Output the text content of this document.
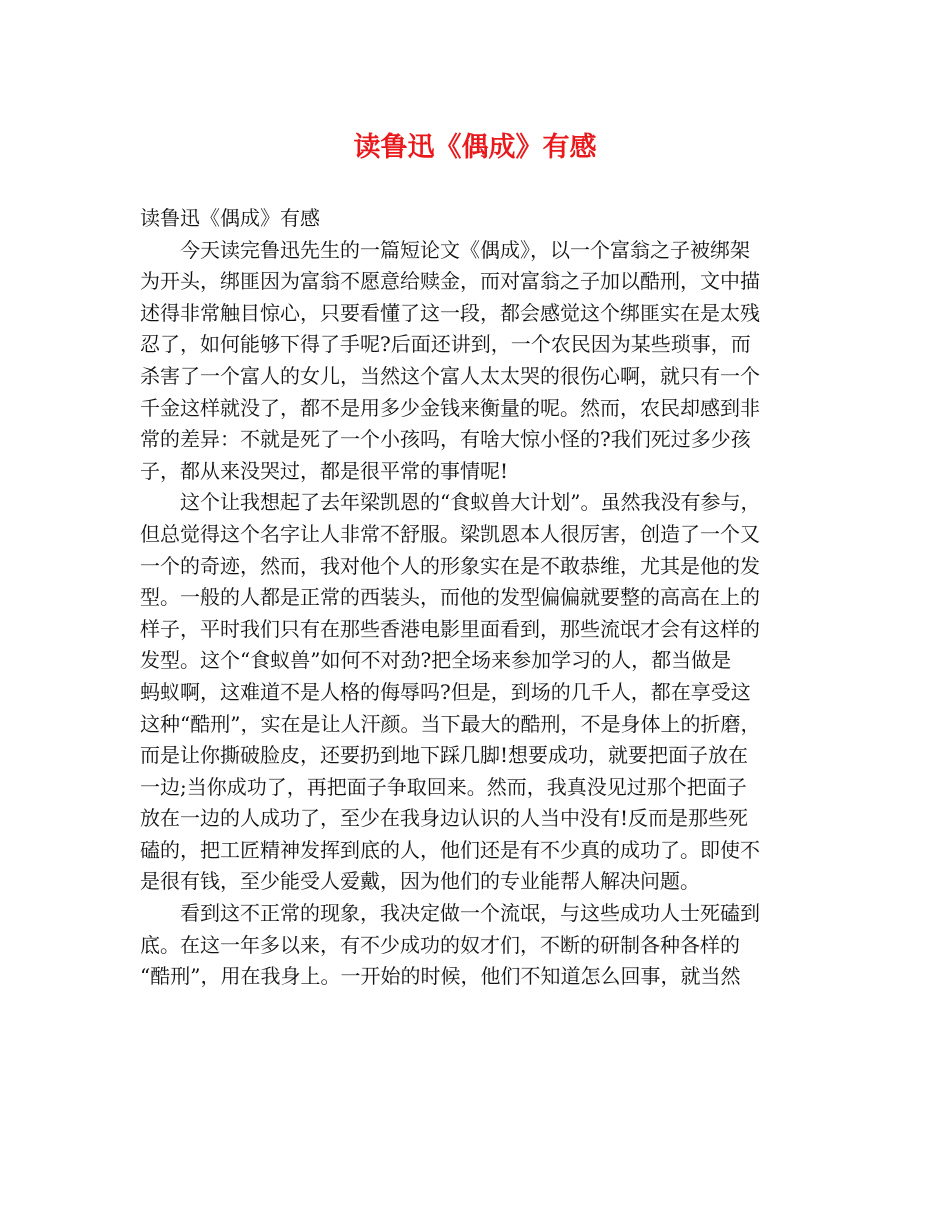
读鲁迅《偶成》有感
读鲁迅《偶成》有感
　　今天读完鲁迅先生的一篇短论文《偶成》，以一个富翁之子被绑架
为开头，绑匪因为富翁不愿意给赎金，而对富翁之子加以酷刑，文中描
述得非常触目惊心，只要看懂了这一段，都会感觉这个绑匪实在是太残
忍了，如何能够下得了手呢?后面还讲到，一个农民因为某些琐事，而
杀害了一个富人的女儿，当然这个富人太太哭的很伤心啊，就只有一个
千金这样就没了，都不是用多少金钱来衡量的呢。然而，农民却感到非
常的差异：不就是死了一个小孩吗，有啥大惊小怪的?我们死过多少孩
子，都从来没哭过，都是很平常的事情呢!
　　这个让我想起了去年梁凯恩的“食蚁兽大计划”。虽然我没有参与，
但总觉得这个名字让人非常不舒服。梁凯恩本人很厉害，创造了一个又
一个的奇迹，然而，我对他个人的形象实在是不敢恭维，尤其是他的发
型。一般的人都是正常的西装头，而他的发型偏偏就要整的高高在上的
样子，平时我们只有在那些香港电影里面看到，那些流氓才会有这样的
发型。这个“食蚁兽”如何不对劲?把全场来参加学习的人，都当做是
蚂蚁啊，这难道不是人格的侮辱吗?但是，到场的几千人，都在享受这
这种“酷刑”，实在是让人汗颜。当下最大的酷刑，不是身体上的折磨，
而是让你撕破脸皮，还要扔到地下踩几脚!想要成功，就要把面子放在
一边;当你成功了，再把面子争取回来。然而，我真没见过那个把面子
放在一边的人成功了，至少在我身边认识的人当中没有!反而是那些死
磕的，把工匠精神发挥到底的人，他们还是有不少真的成功了。即使不
是很有钱，至少能受人爱戴，因为他们的专业能帮人解决问题。
　　看到这不正常的现象，我决定做一个流氓，与这些成功人士死磕到
底。在这一年多以来，有不少成功的奴才们，不断的研制各种各样的
“酷刑”，用在我身上。一开始的时候，他们不知道怎么回事，就当然
